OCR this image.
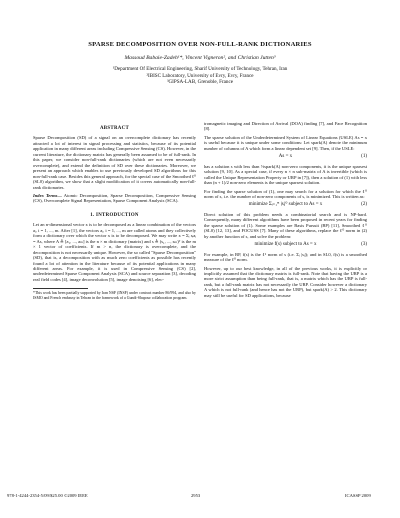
SPARSE DECOMPOSITION OVER NON-FULL-RANK DICTIONARIES
Massoud Babaie-Zadeh¹*, Vincent Vigneron², and Christian Jutten³
¹Department Of Electrical Engineering, Sharif University of Technology, Tehran, Iran
²IBISC Laboratory, University of Evry, Evry, France
³GIPSA-LAB, Grenoble, France
ABSTRACT

Sparse Decomposition (SD) of a signal on an overcomplete dictionary has recently attracted a lot of interest in signal processing and statistics, because of its potential application in many different areas including Compressive Sensing (CS). However, in the current literature, the dictionary matrix has generally been assumed to be of full-rank. In this paper, we consider non-full-rank dictionaries (which are not even necessarily overcomplete), and extend the definition of SD over these dictionaries. Moreover, we present an approach which enables to use previously developed SD algorithms for this non-full-rank case. Besides this general approach, for the special case of the Smoothed ℓ⁰ (SL0) algorithm, we show that a slight modification of it covers automatically non-full-rank dictionaries.

Index Terms— Atomic Decomposition, Sparse Decomposition, Compressive Sensing (CS), Overcomplete Signal Representation, Sparse Component Analysis (SCA).

1. INTRODUCTION

Let an n-dimensional vector x is to be decomposed as a linear combination of the vectors aᵢ, i = 1, ..., m. After [1], the vectors aᵢ, i = 1, ..., m are called atoms and they collectively form a dictionary over which the vector x is to be decomposed. We may write x = Σᵢ sᵢaᵢ = As, where A ≜ [a₁, ..., aₘ] is the n × m dictionary (matrix) and s ≜ (s₁, ..., sₘ)ᵀ is the m × 1 vector of coefficients. If m > n, the dictionary is overcomplete, and the decomposition is not necessarily unique. However, the so called "Sparse Decomposition" (SD), that is, a decomposition with as much zero coefficients as possible has recently found a lot of attention in the literature because of its potential applications in many different areas. For example, it is used in Compressive Sensing (CS) [2], underdetermined Sparse Component Analysis (SCA) and source separation [3], decoding real field codes [4], image deconvolution [5], image denoising [6], elec-

*This work has been partially supported by Iran NSF (INSF) under contract number 86/994, and also by ISMO and French embassy in Tehran in the framework of a Gundi-Shapour collaboration program.

tromagnetic imaging and Direction of Arrival (DOA) finding [7], and Face Recognition [8].

The sparse solution of the Underdetermined System of Linear Equations (USLE) As = x is useful because it is unique under some conditions: Let spark(A) denote the minimum number of columns of A which form a linear dependent set [9]. Then, if the USLE:

As = x	(1)

has a solution s with less than ½spark(A) non-zero components, it is the unique sparsest solution [9, 10]. As a special case, if every n × n sub-matrix of A is invertible (which is called the Unique Representation Property or URP in [7]), then a solution of (1) with less than (n + 1)/2 non-zero elements is the unique sparsest solution.

For finding the sparse solution of (1), one may search for a solution for which the ℓ⁰ norm of s, i.e. the number of non-zero components of s, is minimized. This is written as:

minimize Σᵢ₌₁ᵐ |sᵢ|⁰ subject to As = x	(2)

Direct solution of this problem needs a combinatorial search and is NP-hard. Consequently, many different algorithms have been proposed in recent years for finding the sparse solution of (1). Some examples are Basis Pursuit (BP) [11], Smoothed ℓ⁰ (SL0) [12, 13], and FOCUSS [7]. Many of these algorithms, replace the ℓ⁰ norm in (2) by another function of s, and solve the problem:

minimize f(s) subject to As = x	(3)

For example, in BP, f(s) is the ℓ¹ norm of s (i.e. Σᵢ |sᵢ|); and in SL0, f(s) is a smoothed measure of the ℓ⁰ norm.

However, up to our best knowledge, in all of the previous works, it is explicitly or implicitly assumed that the dictionary matrix is full-rank. Note that having the URP is a more strict assumption than being full-rank, that is, a matrix which has the URP is full-rank, but a full-rank matrix has not necessarily the URP. Consider however a dictionary A which is not full-rank (and hence has not the URP), but spark(A) > 2. This dictionary may still be useful for SD applications, because

978-1-4244-2354-5/09/$25.00 ©2009 IEEE	2953	ICASSP 2009
